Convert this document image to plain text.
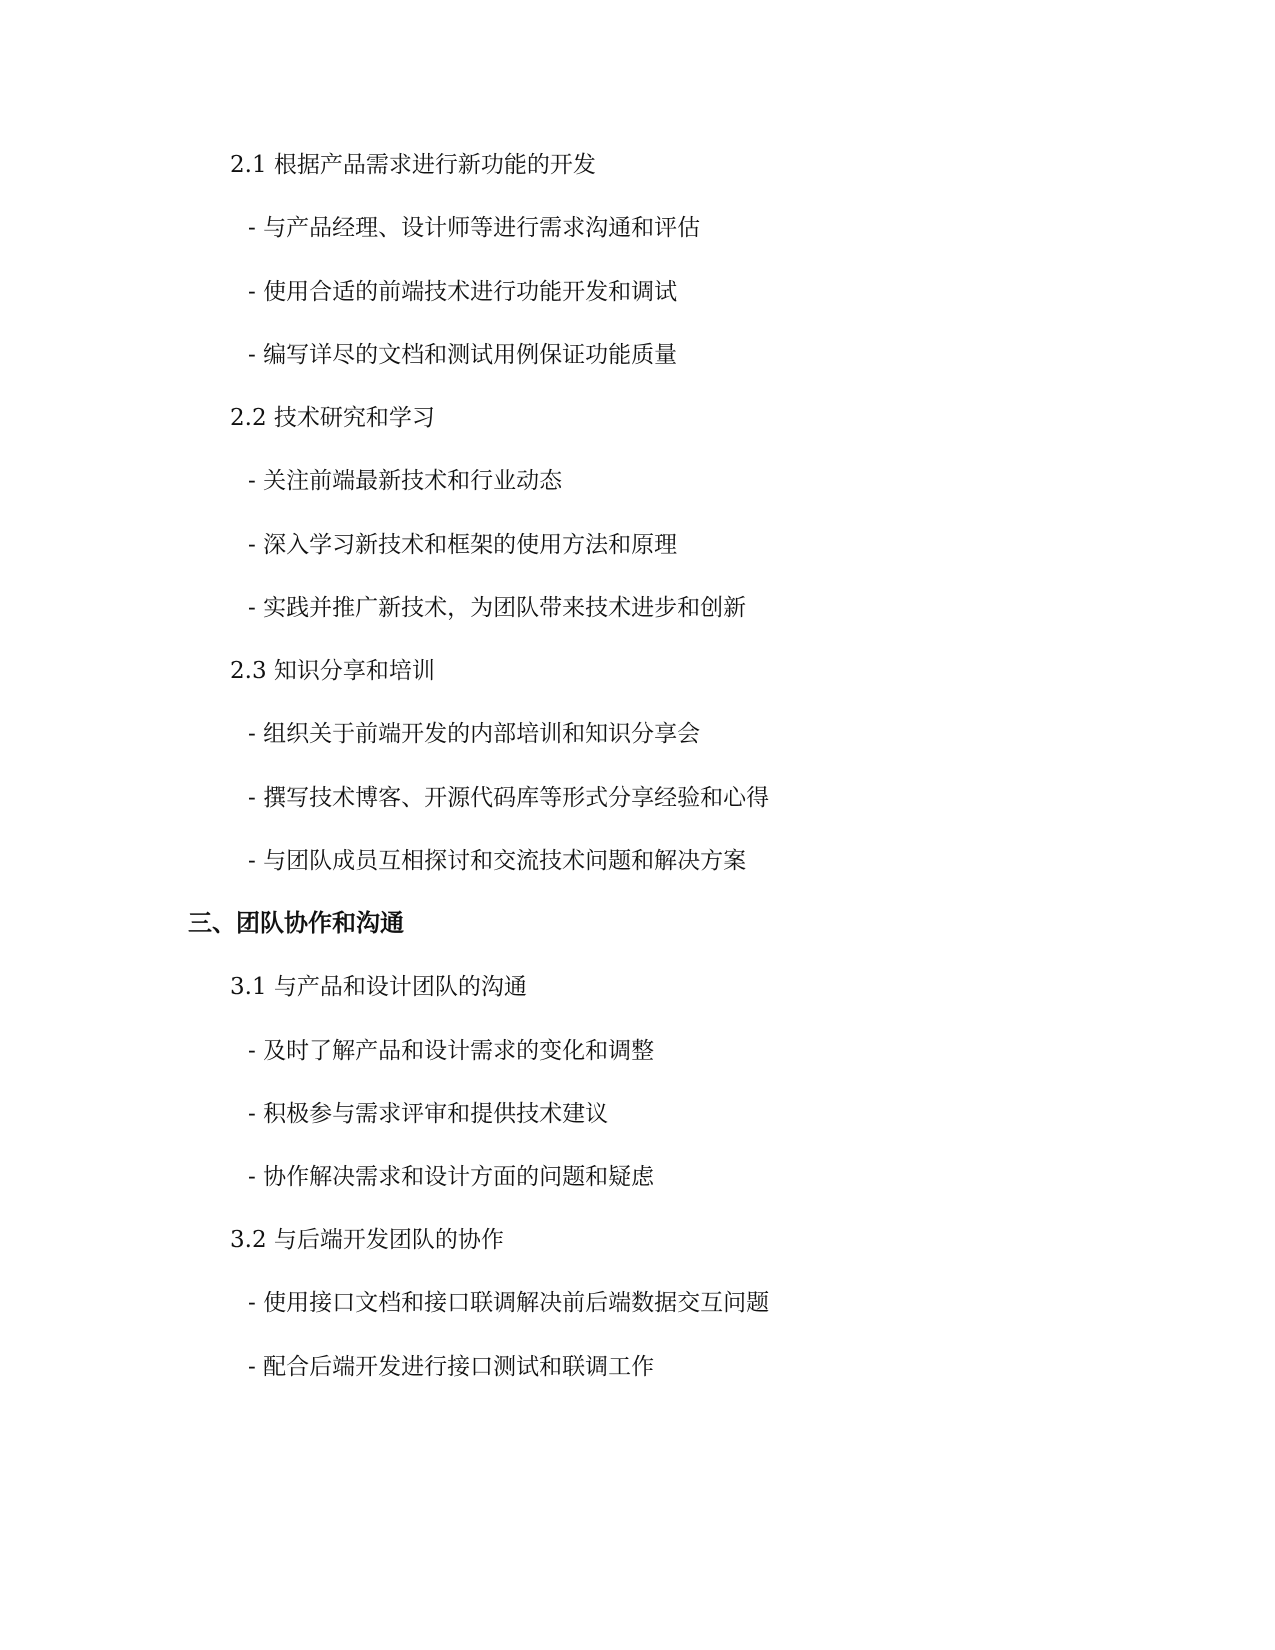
2.1 根据产品需求进行新功能的开发
- 与产品经理、设计师等进行需求沟通和评估
- 使用合适的前端技术进行功能开发和调试
- 编写详尽的文档和测试用例保证功能质量
2.2 技术研究和学习
- 关注前端最新技术和行业动态
- 深入学习新技术和框架的使用方法和原理
- 实践并推广新技术，为团队带来技术进步和创新
2.3 知识分享和培训
- 组织关于前端开发的内部培训和知识分享会
- 撰写技术博客、开源代码库等形式分享经验和心得
- 与团队成员互相探讨和交流技术问题和解决方案
三、团队协作和沟通
3.1 与产品和设计团队的沟通
- 及时了解产品和设计需求的变化和调整
- 积极参与需求评审和提供技术建议
- 协作解决需求和设计方面的问题和疑虑
3.2 与后端开发团队的协作
- 使用接口文档和接口联调解决前后端数据交互问题
- 配合后端开发进行接口测试和联调工作
